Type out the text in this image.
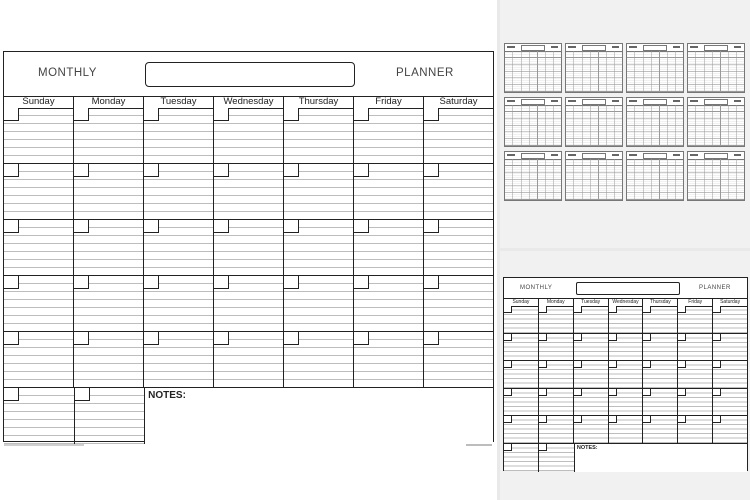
MONTHLY	PLANNER
Sunday	Monday	Tuesday	Wednesday	Thursday	Friday	Saturday
NOTES:
MONTHLY	PLANNER
Sunday	Monday	Tuesday	Wednesday	Thursday	Friday	Saturday
NOTES:
